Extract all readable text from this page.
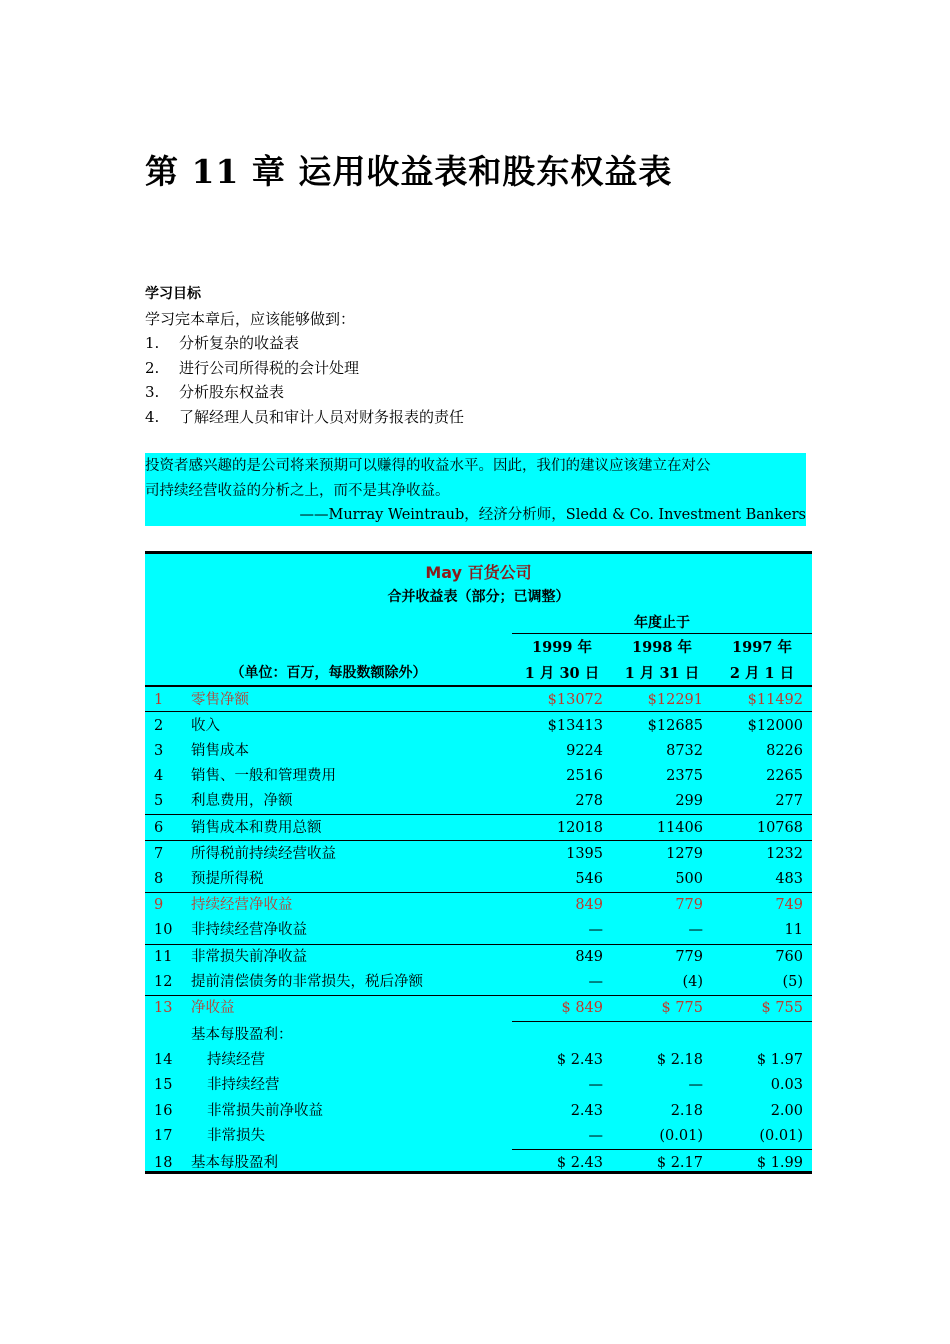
第 11 章 运用收益表和股东权益表
学习目标
学习完本章后，应该能够做到：
1.	分析复杂的收益表
2.	进行公司所得税的会计处理
3.	分析股东权益表
4.	了解经理人员和审计人员对财务报表的责任
投资者感兴趣的是公司将来预期可以赚得的收益水平。因此，我们的建议应该建立在对公
司持续经营收益的分析之上，而不是其净收益。
——Murray Weintraub，经济分析师，Sledd & Co. Investment Bankers
May 百货公司
合并收益表（部分；已调整）
年度止于
1999 年
1 月 30 日
1998 年
1 月 31 日
1997 年
2 月 1 日
（单位：百万，每股数额除外）
1 零售净额	$13072	$12291	$11492
2 收入	$13413	$12685	$12000
3 销售成本	9224	8732	8226
4 销售、一般和管理费用	2516	2375	2265
5 利息费用，净额	278	299	277
6 销售成本和费用总额	12018	11406	10768
7 所得税前持续经营收益	1395	1279	1232
8 预提所得税	546	500	483
9 持续经营净收益	849	779	749
10 非持续经营净收益	—	—	11
11 非常损失前净收益	849	779	760
12 提前清偿债务的非常损失，税后净额	—	(4)	(5)
13 净收益	$ 849	$ 775	$ 755
基本每股盈利：
14 持续经营	$ 2.43	$ 2.18	$ 1.97
15 非持续经营	—	—	0.03
16 非常损失前净收益	2.43	2.18	2.00
17 非常损失	—	(0.01)	(0.01)
18 基本每股盈利	$ 2.43	$ 2.17	$ 1.99
